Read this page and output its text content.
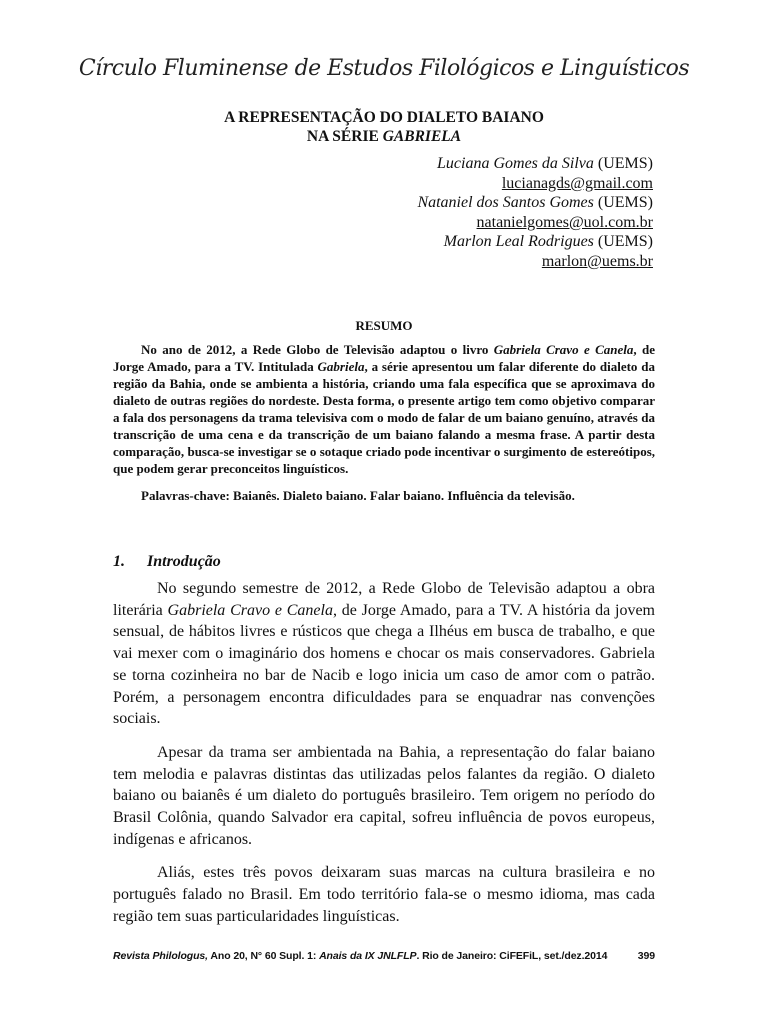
Círculo Fluminense de Estudos Filológicos e Linguísticos
A REPRESENTAÇÃO DO DIALETO BAIANO
NA SÉRIE GABRIELA
Luciana Gomes da Silva (UEMS)
lucianagds@gmail.com
Nataniel dos Santos Gomes (UEMS)
natanielgomes@uol.com.br
Marlon Leal Rodrigues (UEMS)
marlon@uems.br
RESUMO

No ano de 2012, a Rede Globo de Televisão adaptou o livro Gabriela Cravo e Canela, de Jorge Amado, para a TV. Intitulada Gabriela, a série apresentou um falar diferente do dialeto da região da Bahia, onde se ambienta a história, criando uma fala específica que se aproximava do dialeto de outras regiões do nordeste. Desta forma, o presente artigo tem como objetivo comparar a fala dos personagens da trama televisiva com o modo de falar de um baiano genuíno, através da transcrição de uma cena e da transcrição de um baiano falando a mesma frase. A partir desta comparação, busca-se investigar se o sotaque criado pode incentivar o surgimento de estereótipos, que podem gerar preconceitos linguísticos.

Palavras-chave: Baianês. Dialeto baiano. Falar baiano. Influência da televisão.

1. Introdução

No segundo semestre de 2012, a Rede Globo de Televisão adaptou a obra literária Gabriela Cravo e Canela, de Jorge Amado, para a TV. A história da jovem sensual, de hábitos livres e rústicos que chega a Ilhéus em busca de trabalho, e que vai mexer com o imaginário dos homens e chocar os mais conservadores. Gabriela se torna cozinheira no bar de Nacib e logo inicia um caso de amor com o patrão. Porém, a personagem encontra dificuldades para se enquadrar nas convenções sociais.

Apesar da trama ser ambientada na Bahia, a representação do falar baiano tem melodia e palavras distintas das utilizadas pelos falantes da região. O dialeto baiano ou baianês é um dialeto do português brasileiro. Tem origem no período do Brasil Colônia, quando Salvador era capital, sofreu influência de povos europeus, indígenas e africanos.

Aliás, estes três povos deixaram suas marcas na cultura brasileira e no português falado no Brasil. Em todo território fala-se o mesmo idioma, mas cada região tem suas particularidades linguísticas.

Revista Philologus, Ano 20, N° 60 Supl. 1: Anais da IX JNLFLP. Rio de Janeiro: CiFEFiL, set./dez.2014	399
